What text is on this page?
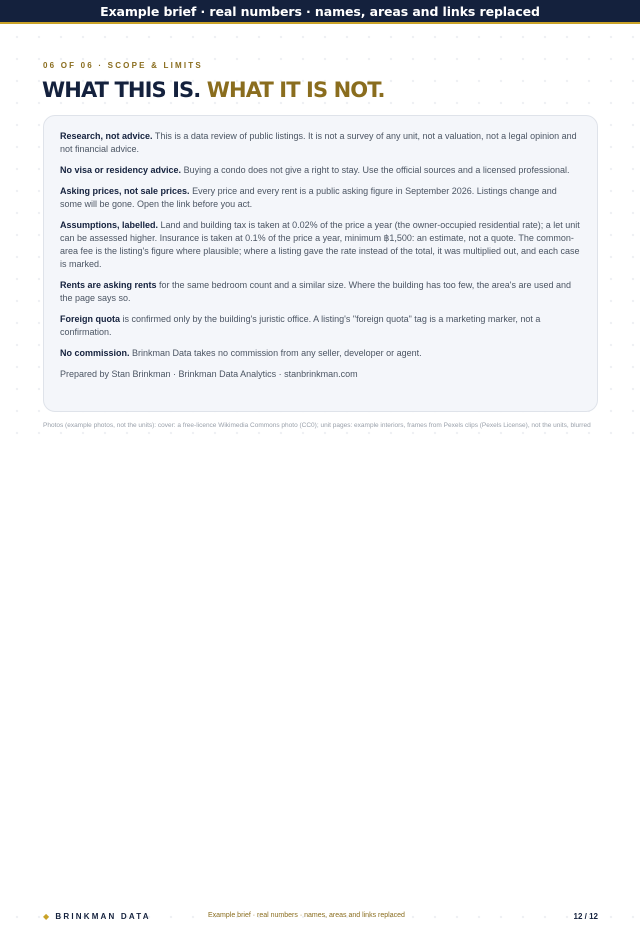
Example brief · real numbers · names, areas and links replaced
06 OF 06 · SCOPE & LIMITS
WHAT THIS IS. WHAT IT IS NOT.

Research, not advice. This is a data review of public listings. It is not a survey of any unit, not a valuation, not a legal opinion and not financial advice.

No visa or residency advice. Buying a condo does not give a right to stay. Use the official sources and a licensed professional.

Asking prices, not sale prices. Every price and every rent is a public asking figure in September 2026. Listings change and some will be gone. Open the link before you act.

Assumptions, labelled. Land and building tax is taken at 0.02% of the price a year (the owner-occupied residential rate); a let unit can be assessed higher. Insurance is taken at 0.1% of the price a year, minimum ฿1,500: an estimate, not a quote. The common-area fee is the listing's figure where plausible; where a listing gave the rate instead of the total, it was multiplied out, and each case is marked.

Rents are asking rents for the same bedroom count and a similar size. Where the building has too few, the area's are used and the page says so.

Foreign quota is confirmed only by the building's juristic office. A listing's "foreign quota" tag is a marketing marker, not a confirmation.

No commission. Brinkman Data takes no commission from any seller, developer or agent.

Prepared by Stan Brinkman · Brinkman Data Analytics · stanbrinkman.com

Photos (example photos, not the units): cover: a free-licence Wikimedia Commons photo (CC0); unit pages: example interiors, frames from Pexels clips (Pexels License), not the units, blurred

◆ BRINKMAN DATA	Example brief · real numbers · names, areas and links replaced	12 / 12
